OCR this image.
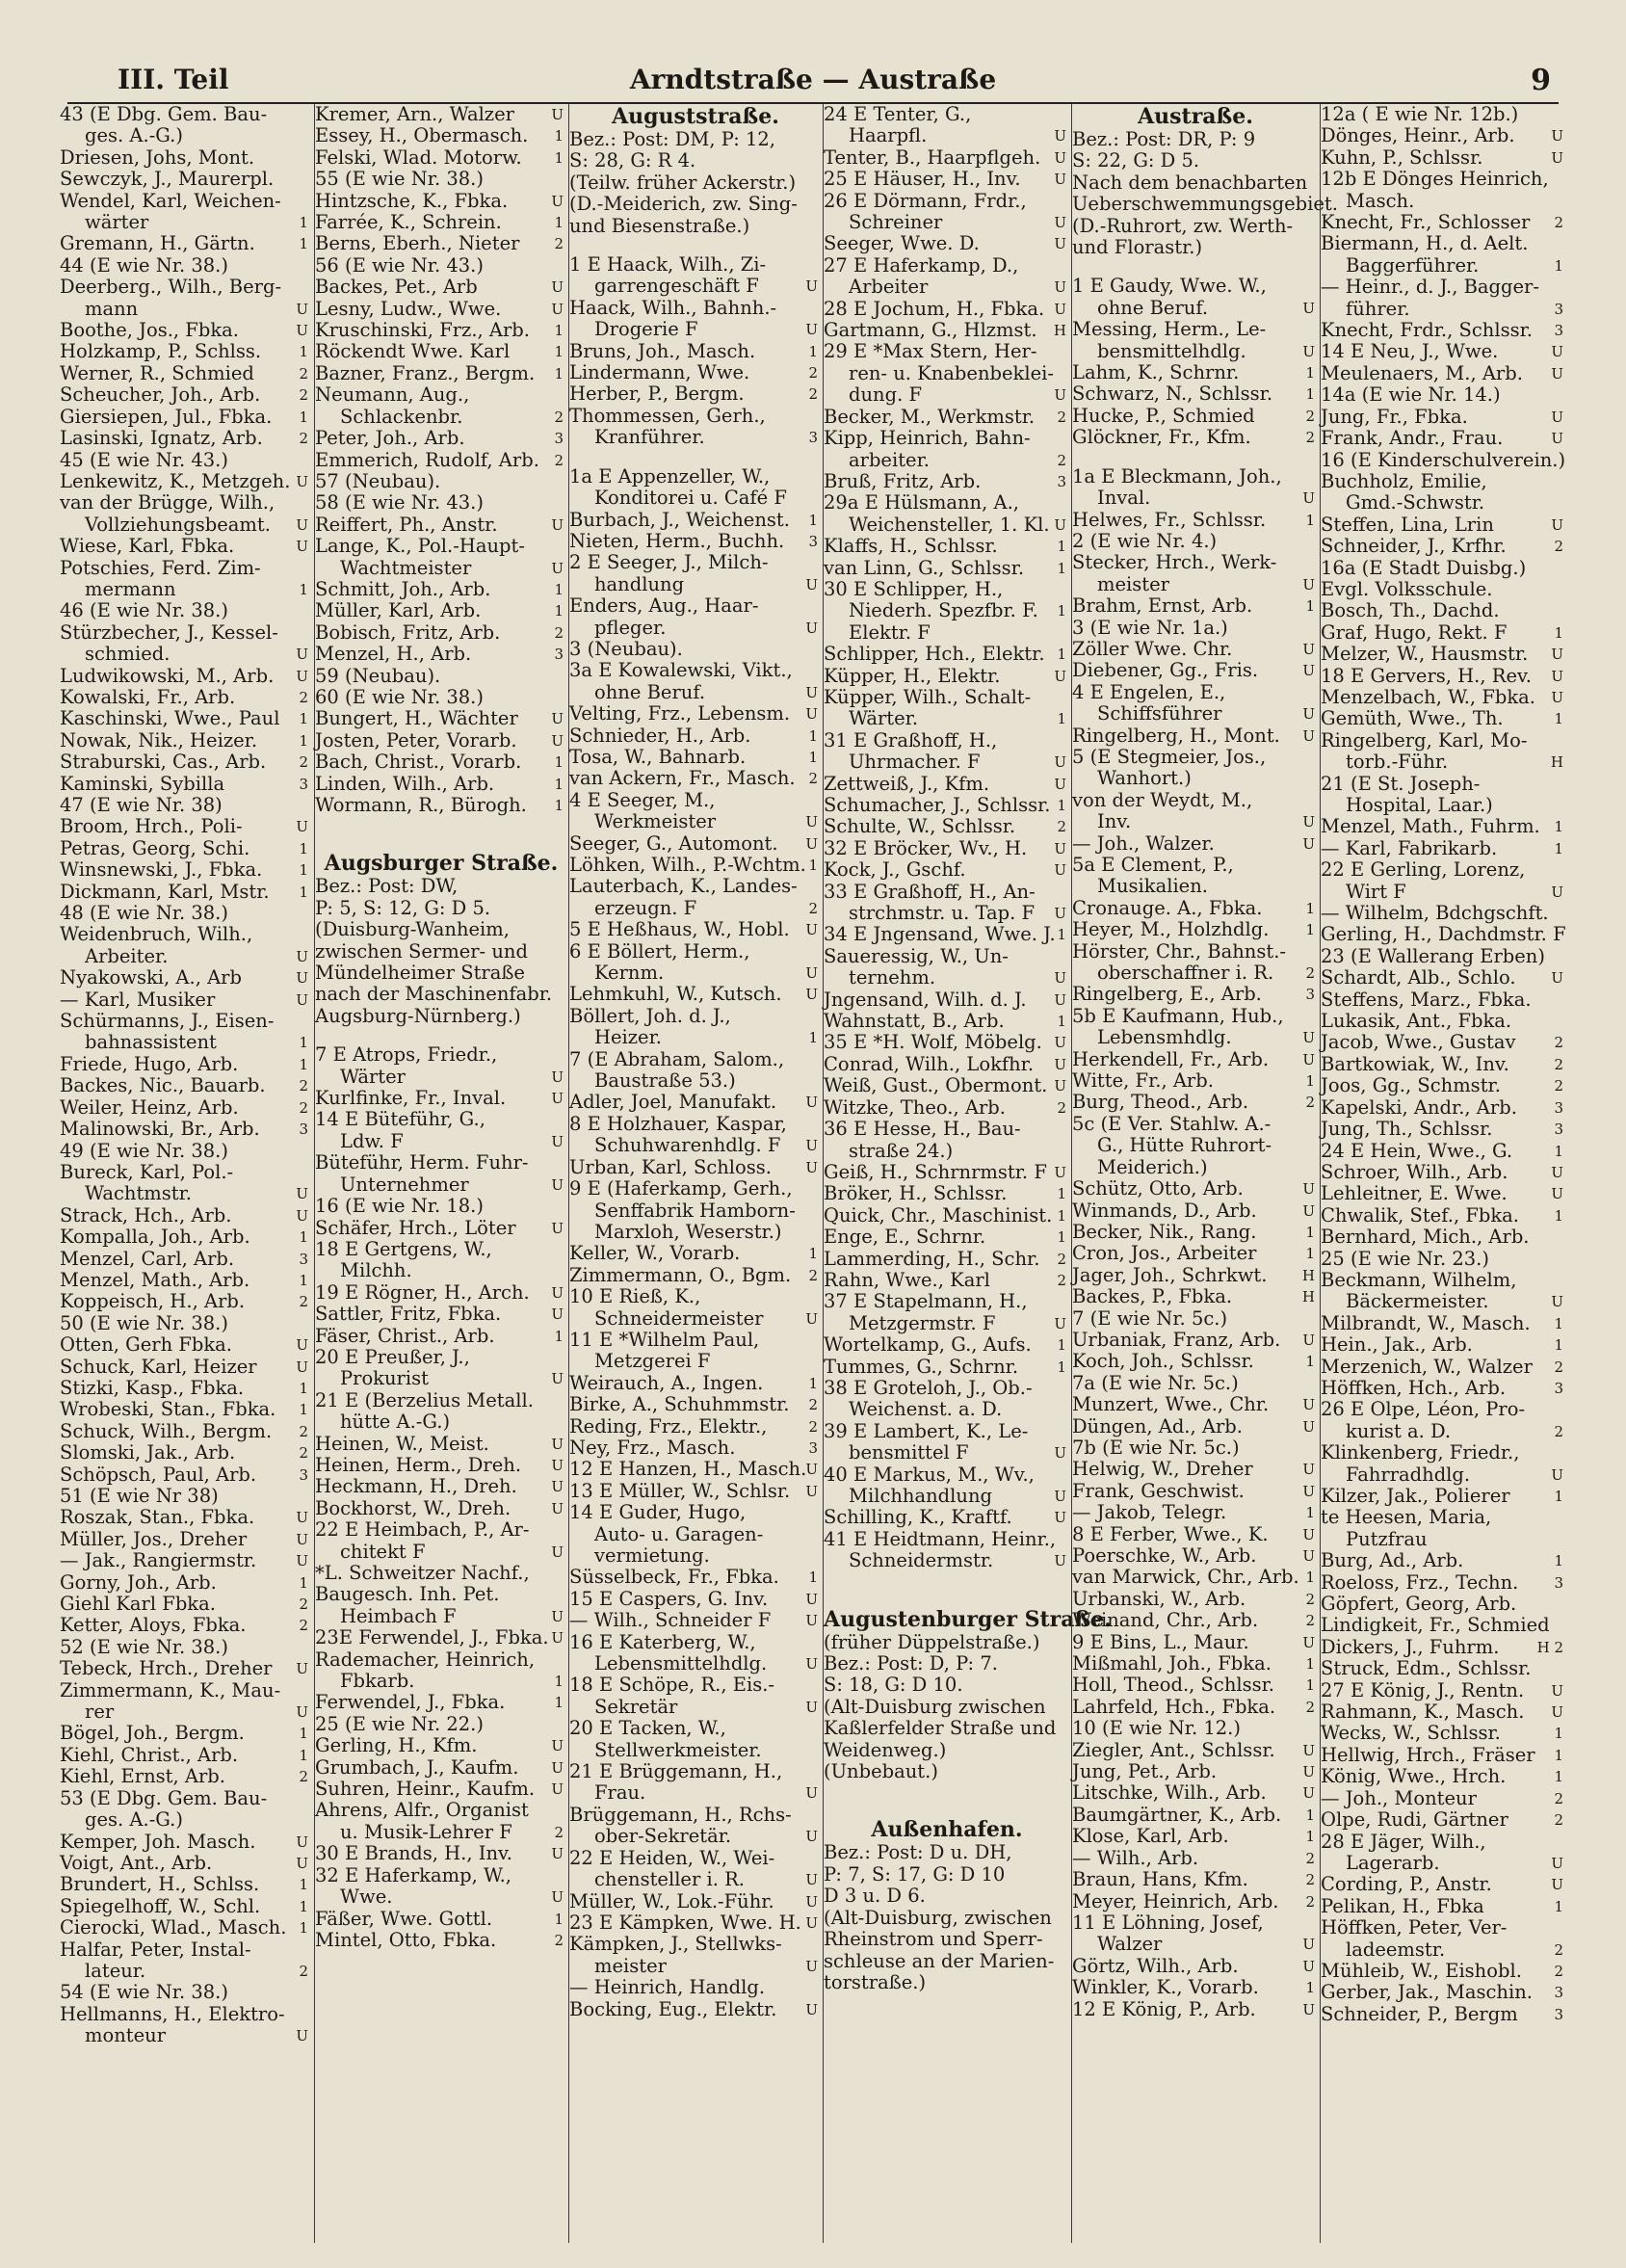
III. Teil	Arndtstraße — Austraße	9
43 (E Dbg. Gem. Bau-
ges. A.-G.)
Driesen, Johs, Mont.
Sewczyk, J., Maurerpl.
Wendel, Karl, Weichen-
1
wärter
1
Gremann, H., Gärtn.
44 (E wie Nr. 38.)
Deerberg., Wilh., Berg-
U
mann
U
Boothe, Jos., Fbka.
1
Holzkamp, P., Schlss.
2
Werner, R., Schmied
2
Scheucher, Joh., Arb.
1
Giersiepen, Jul., Fbka.
2
Lasinski, Ignatz, Arb.
45 (E wie Nr. 43.)
U
Lenkewitz, K., Metzgeh.
van der Brügge, Wilh.,
U
Vollziehungsbeamt.
U
Wiese, Karl, Fbka.
Potschies, Ferd. Zim-
1
mermann
46 (E wie Nr. 38.)
Stürzbecher, J., Kessel-
U
schmied.
U
Ludwikowski, M., Arb.
2
Kowalski, Fr., Arb.
1
Kaschinski, Wwe., Paul
1
Nowak, Nik., Heizer.
2
Straburski, Cas., Arb.
3
Kaminski, Sybilla
47 (E wie Nr. 38)
U
Broom, Hrch., Poli-
1
Petras, Georg, Schi.
1
Winsnewski, J., Fbka.
1
Dickmann, Karl, Mstr.
48 (E wie Nr. 38.)
Weidenbruch, Wilh.,
U
Arbeiter.
U
Nyakowski, A., Arb
U
— Karl, Musiker
Schürmanns, J., Eisen-
1
bahnassistent
1
Friede, Hugo, Arb.
2
Backes, Nic., Bauarb.
2
Weiler, Heinz, Arb.
3
Malinowski, Br., Arb.
49 (E wie Nr. 38.)
Bureck, Karl, Pol.-
U
Wachtmstr.
U
Strack, Hch., Arb.
1
Kompalla, Joh., Arb.
3
Menzel, Carl, Arb.
1
Menzel, Math., Arb.
2
Koppeisch, H., Arb.
50 (E wie Nr. 38.)
U
Otten, Gerh Fbka.
U
Schuck, Karl, Heizer
1
Stizki, Kasp., Fbka.
1
Wrobeski, Stan., Fbka.
2
Schuck, Wilh., Bergm.
2
Slomski, Jak., Arb.
3
Schöpsch, Paul, Arb.
51 (E wie Nr 38)
U
Roszak, Stan., Fbka.
U
Müller, Jos., Dreher
U
— Jak., Rangiermstr.
1
Gorny, Joh., Arb.
2
Giehl Karl Fbka.
2
Ketter, Aloys, Fbka.
52 (E wie Nr. 38.)
U
Tebeck, Hrch., Dreher
Zimmermann, K., Mau-
U
rer
1
Bögel, Joh., Bergm.
1
Kiehl, Christ., Arb.
2
Kiehl, Ernst, Arb.
53 (E Dbg. Gem. Bau-
ges. A.-G.)
U
Kemper, Joh. Masch.
U
Voigt, Ant., Arb.
1
Brundert, H., Schlss.
1
Spiegelhoff, W., Schl.
1
Cierocki, Wlad., Masch.
Halfar, Peter, Instal-
2
lateur.
54 (E wie Nr. 38.)
Hellmanns, H., Elektro-
U
monteur
U
Kremer, Arn., Walzer
1
Essey, H., Obermasch.
1
Felski, Wlad. Motorw.
55 (E wie Nr. 38.)
U
Hintzsche, K., Fbka.
1
Farrée, K., Schrein.
2
Berns, Eberh., Nieter
56 (E wie Nr. 43.)
U
Backes, Pet., Arb
U
Lesny, Ludw., Wwe.
1
Kruschinski, Frz., Arb.
1
Röckendt Wwe. Karl
1
Bazner, Franz., Bergm.
Neumann, Aug.,
2
Schlackenbr.
3
Peter, Joh., Arb.
2
Emmerich, Rudolf, Arb.
57 (Neubau).
58 (E wie Nr. 43.)
U
Reiffert, Ph., Anstr.
Lange, K., Pol.-Haupt-
U
Wachtmeister
1
Schmitt, Joh., Arb.
1
Müller, Karl, Arb.
2
Bobisch, Fritz, Arb.
3
Menzel, H., Arb.
59 (Neubau).
60 (E wie Nr. 38.)
U
Bungert, H., Wächter
U
Josten, Peter, Vorarb.
1
Bach, Christ., Vorarb.
1
Linden, Wilh., Arb.
1
Wormann, R., Bürogh.
Augsburger Straße.
Bez.: Post: DW,
P: 5, S: 12, G: D 5.
(Duisburg-Wanheim,
zwischen Sermer- und
Mündelheimer Straße
nach der Maschinenfabr.
Augsburg-Nürnberg.)
7 E Atrops, Friedr.,
U
Wärter
U
Kurlfinke, Fr., Inval.
14 E Büteführ, G.,
U
Ldw. F
Büteführ, Herm. Fuhr-
U
Unternehmer
16 (E wie Nr. 18.)
U
Schäfer, Hrch., Löter
18 E Gertgens, W.,
Milchh.
U
19 E Rögner, H., Arch.
U
Sattler, Fritz, Fbka.
1
Fäser, Christ., Arb.
20 E Preußer, J.,
U
Prokurist
21 E (Berzelius Metall.
hütte A.-G.)
U
Heinen, W., Meist.
U
Heinen, Herm., Dreh.
U
Heckmann, H., Dreh.
U
Bockhorst, W., Dreh.
22 E Heimbach, P., Ar-
U
chitekt F
*L. Schweitzer Nachf.,
Baugesch. Inh. Pet.
U
Heimbach F
U
23E Ferwendel, J., Fbka.
Rademacher, Heinrich,
1
Fbkarb.
1
Ferwendel, J., Fbka.
25 (E wie Nr. 22.)
U
Gerling, H., Kfm.
U
Grumbach, J., Kaufm.
U
Suhren, Heinr., Kaufm.
Ahrens, Alfr., Organist
2
u. Musik-Lehrer F
U
30 E Brands, H., Inv.
32 E Haferkamp, W.,
U
Wwe.
1
Fäßer, Wwe. Gottl.
2
Mintel, Otto, Fbka.
Auguststraße.
Bez.: Post: DM, P: 12,
S: 28, G: R 4.
(Teilw. früher Ackerstr.)
(D.-Meiderich, zw. Sing-
und Biesenstraße.)
1 E Haack, Wilh., Zi-
U
garrengeschäft F
Haack, Wilh., Bahnh.-
U
Drogerie F
1
Bruns, Joh., Masch.
2
Lindermann, Wwe.
2
Herber, P., Bergm.
Thommessen, Gerh.,
3
Kranführer.
1a E Appenzeller, W.,
Konditorei u. Café F
1
Burbach, J., Weichenst.
3
Nieten, Herm., Buchh.
2 E Seeger, J., Milch-
U
handlung
Enders, Aug., Haar-
U
pfleger.
3 (Neubau).
3a E Kowalewski, Vikt.,
U
ohne Beruf.
U
Velting, Frz., Lebensm.
1
Schnieder, H., Arb.
1
Tosa, W., Bahnarb.
2
van Ackern, Fr., Masch.
4 E Seeger, M.,
U
Werkmeister
U
Seeger, G., Automont.
1
Löhken, Wilh., P.-Wchtm.
Lauterbach, K., Landes-
2
erzeugn. F
U
5 E Heßhaus, W., Hobl.
6 E Böllert, Herm.,
U
Kernm.
U
Lehmkuhl, W., Kutsch.
Böllert, Joh. d. J.,
1
Heizer.
7 (E Abraham, Salom.,
Baustraße 53.)
U
Adler, Joel, Manufakt.
8 E Holzhauer, Kaspar,
U
Schuhwarenhdlg. F
U
Urban, Karl, Schloss.
9 E (Haferkamp, Gerh.,
Senffabrik Hamborn-
Marxloh, Weserstr.)
1
Keller, W., Vorarb.
2
Zimmermann, O., Bgm.
10 E Rieß, K.,
U
Schneidermeister
11 E *Wilhelm Paul,
Metzgerei F
1
Weirauch, A., Ingen.
2
Birke, A., Schuhmmstr.
2
Reding, Frz., Elektr.,
3
Ney, Frz., Masch.
U
12 E Hanzen, H., Masch.
U
13 E Müller, W., Schlsr.
14 E Guder, Hugo,
Auto- u. Garagen-
vermietung.
1
Süsselbeck, Fr., Fbka.
U
15 E Caspers, G. Inv.
U
— Wilh., Schneider F
16 E Katerberg, W.,
U
Lebensmittelhdlg.
18 E Schöpe, R., Eis.-
U
Sekretär
20 E Tacken, W.,
Stellwerkmeister.
21 E Brüggemann, H.,
U
Frau.
Brüggemann, H., Rchs-
U
ober-Sekretär.
22 E Heiden, W., Wei-
U
chensteller i. R.
U
Müller, W., Lok.-Führ.
U
23 E Kämpken, Wwe. H.
Kämpken, J., Stellwks-
U
meister
— Heinrich, Handlg.
U
Bocking, Eug., Elektr.
24 E Tenter, G.,
U
Haarpfl.
U
Tenter, B., Haarpflgeh.
U
25 E Häuser, H., Inv.
26 E Dörmann, Frdr.,
U
Schreiner
U
Seeger, Wwe. D.
27 E Haferkamp, D.,
U
Arbeiter
U
28 E Jochum, H., Fbka.
H
Gartmann, G., Hlzmst.
29 E *Max Stern, Her-
ren- u. Knabenbeklei-
U
dung. F
2
Becker, M., Werkmstr.
Kipp, Heinrich, Bahn-
2
arbeiter.
3
Bruß, Fritz, Arb.
29a E Hülsmann, A.,
U
Weichensteller, 1. Kl.
1
Klaffs, H., Schlssr.
1
van Linn, G., Schlssr.
30 E Schlipper, H.,
1
Niederh. Spezfbr. F.
Elektr. F
1
Schlipper, Hch., Elektr.
U
Küpper, H., Elektr.
Küpper, Wilh., Schalt-
1
Wärter.
31 E Graßhoff, H.,
U
Uhrmacher. F
U
Zettweiß, J., Kfm.
1
Schumacher, J., Schlssr.
2
Schulte, W., Schlssr.
U
32 E Bröcker, Wv., H.
U
Kock, J., Gschf.
33 E Graßhoff, H., An-
U
strchmstr. u. Tap. F
1
34 E Jngensand, Wwe. J.
Saueressig, W., Un-
U
ternehm.
U
Jngensand, Wilh. d. J.
1
Wahnstatt, B., Arb.
U
35 E *H. Wolf, Möbelg.
U
Conrad, Wilh., Lokfhr.
U
Weiß, Gust., Obermont.
2
Witzke, Theo., Arb.
36 E Hesse, H., Bau-
straße 24.)
U
Geiß, H., Schrnrmstr. F
1
Bröker, H., Schlssr.
1
Quick, Chr., Maschinist.
1
Enge, E., Schrnr.
2
Lammerding, H., Schr.
2
Rahn, Wwe., Karl
37 E Stapelmann, H.,
U
Metzgermstr. F
1
Wortelkamp, G., Aufs.
1
Tummes, G., Schrnr.
38 E Groteloh, J., Ob.-
Weichenst. a. D.
39 E Lambert, K., Le-
U
bensmittel F
40 E Markus, M., Wv.,
U
Milchhandlung
U
Schilling, K., Kraftf.
41 E Heidtmann, Heinr.,
U
Schneidermstr.
Augustenburger Straße.
(früher Düppelstraße.)
Bez.: Post: D, P: 7.
S: 18, G: D 10.
(Alt-Duisburg zwischen
Kaßlerfelder Straße und
Weidenweg.)
(Unbebaut.)
Außenhafen.
Bez.: Post: D u. DH,
P: 7, S: 17, G: D 10
D 3 u. D 6.
(Alt-Duisburg, zwischen
Rheinstrom und Sperr-
schleuse an der Marien-
torstraße.)
Austraße.
Bez.: Post: DR, P: 9
S: 22, G: D 5.
Nach dem benachbarten
Ueberschwemmungsgebiet.
(D.-Ruhrort, zw. Werth-
und Florastr.)
1 E Gaudy, Wwe. W.,
U
ohne Beruf.
Messing, Herm., Le-
U
bensmittelhdlg.
1
Lahm, K., Schrnr.
1
Schwarz, N., Schlssr.
2
Hucke, P., Schmied
2
Glöckner, Fr., Kfm.
1a E Bleckmann, Joh.,
U
Inval.
1
Helwes, Fr., Schlssr.
2 (E wie Nr. 4.)
Stecker, Hrch., Werk-
U
meister
1
Brahm, Ernst, Arb.
3 (E wie Nr. 1a.)
U
Zöller Wwe. Chr.
U
Diebener, Gg., Fris.
4 E Engelen, E.,
U
Schiffsführer
U
Ringelberg, H., Mont.
5 (E Stegmeier, Jos.,
Wanhort.)
von der Weydt, M.,
U
Inv.
U
— Joh., Walzer.
5a E Clement, P.,
Musikalien.
1
Cronauge. A., Fbka.
1
Heyer, M., Holzhdlg.
Hörster, Chr., Bahnst.-
2
oberschaffner i. R.
3
Ringelberg, E., Arb.
5b E Kaufmann, Hub.,
U
Lebensmhdlg.
U
Herkendell, Fr., Arb.
1
Witte, Fr., Arb.
2
Burg, Theod., Arb.
5c (E Ver. Stahlw. A.-
G., Hütte Ruhrort-
Meiderich.)
U
Schütz, Otto, Arb.
U
Winmands, D., Arb.
1
Becker, Nik., Rang.
1
Cron, Jos., Arbeiter
H
Jager, Joh., Schrkwt.
H
Backes, P., Fbka.
7 (E wie Nr. 5c.)
U
Urbaniak, Franz, Arb.
1
Koch, Joh., Schlssr.
7a (E wie Nr. 5c.)
U
Munzert, Wwe., Chr.
U
Düngen, Ad., Arb.
7b (E wie Nr. 5c.)
U
Helwig, W., Dreher
U
Frank, Geschwist.
1
— Jakob, Telegr.
U
8 E Ferber, Wwe., K.
U
Poerschke, W., Arb.
1
van Marwick, Chr., Arb.
2
Urbanski, W., Arb.
2
Weinand, Chr., Arb.
U
9 E Bins, L., Maur.
1
Mißmahl, Joh., Fbka.
1
Holl, Theod., Schlssr.
2
Lahrfeld, Hch., Fbka.
10 (E wie Nr. 12.)
U
Ziegler, Ant., Schlssr.
U
Jung, Pet., Arb.
U
Litschke, Wilh., Arb.
1
Baumgärtner, K., Arb.
1
Klose, Karl, Arb.
2
— Wilh., Arb.
2
Braun, Hans, Kfm.
2
Meyer, Heinrich, Arb.
11 E Löhning, Josef,
U
Walzer
U
Görtz, Wilh., Arb.
1
Winkler, K., Vorarb.
U
12 E König, P., Arb.
12a ( E wie Nr. 12b.)
U
Dönges, Heinr., Arb.
U
Kuhn, P., Schlssr.
12b E Dönges Heinrich,
Masch.
2
Knecht, Fr., Schlosser
Biermann, H., d. Aelt.
1
Baggerführer.
— Heinr., d. J., Bagger-
3
führer.
3
Knecht, Frdr., Schlssr.
U
14 E Neu, J., Wwe.
U
Meulenaers, M., Arb.
14a (E wie Nr. 14.)
U
Jung, Fr., Fbka.
U
Frank, Andr., Frau.
16 (E Kinderschulverein.)
Buchholz, Emilie,
Gmd.-Schwstr.
U
Steffen, Lina, Lrin
2
Schneider, J., Krfhr.
16a (E Stadt Duisbg.)
Evgl. Volksschule.
Bosch, Th., Dachd.
1
Graf, Hugo, Rekt. F
U
Melzer, W., Hausmstr.
U
18 E Gervers, H., Rev.
U
Menzelbach, W., Fbka.
1
Gemüth, Wwe., Th.
Ringelberg, Karl, Mo-
H
torb.-Führ.
21 (E St. Joseph-
Hospital, Laar.)
1
Menzel, Math., Fuhrm.
1
— Karl, Fabrikarb.
22 E Gerling, Lorenz,
U
Wirt F
— Wilhelm, Bdchgschft.
Gerling, H., Dachdmstr. F
23 (E Wallerang Erben)
U
Schardt, Alb., Schlo.
Steffens, Marz., Fbka.
Lukasik, Ant., Fbka.
2
Jacob, Wwe., Gustav
2
Bartkowiak, W., Inv.
2
Joos, Gg., Schmstr.
3
Kapelski, Andr., Arb.
3
Jung, Th., Schlssr.
1
24 E Hein, Wwe., G.
U
Schroer, Wilh., Arb.
U
Lehleitner, E. Wwe.
1
Chwalik, Stef., Fbka.
Bernhard, Mich., Arb.
25 (E wie Nr. 23.)
Beckmann, Wilhelm,
U
Bäckermeister.
1
Milbrandt, W., Masch.
1
Hein., Jak., Arb.
2
Merzenich, W., Walzer
3
Höffken, Hch., Arb.
26 E Olpe, Léon, Pro-
2
kurist a. D.
Klinkenberg, Friedr.,
U
Fahrradhdlg.
1
Kilzer, Jak., Polierer
te Heesen, Maria,
Putzfrau
1
Burg, Ad., Arb.
3
Roeloss, Frz., Techn.
Göpfert, Georg, Arb.
Lindigkeit, Fr., Schmied
H 2
Dickers, J., Fuhrm.
Struck, Edm., Schlssr.
U
27 E König, J., Rentn.
U
Rahmann, K., Masch.
1
Wecks, W., Schlssr.
1
Hellwig, Hrch., Fräser
1
König, Wwe., Hrch.
2
— Joh., Monteur
2
Olpe, Rudi, Gärtner
28 E Jäger, Wilh.,
U
Lagerarb.
U
Cording, P., Anstr.
1
Pelikan, H., Fbka
Höffken, Peter, Ver-
2
ladeemstr.
2
Mühleib, W., Eishobl.
3
Gerber, Jak., Maschin.
3
Schneider, P., Bergm
